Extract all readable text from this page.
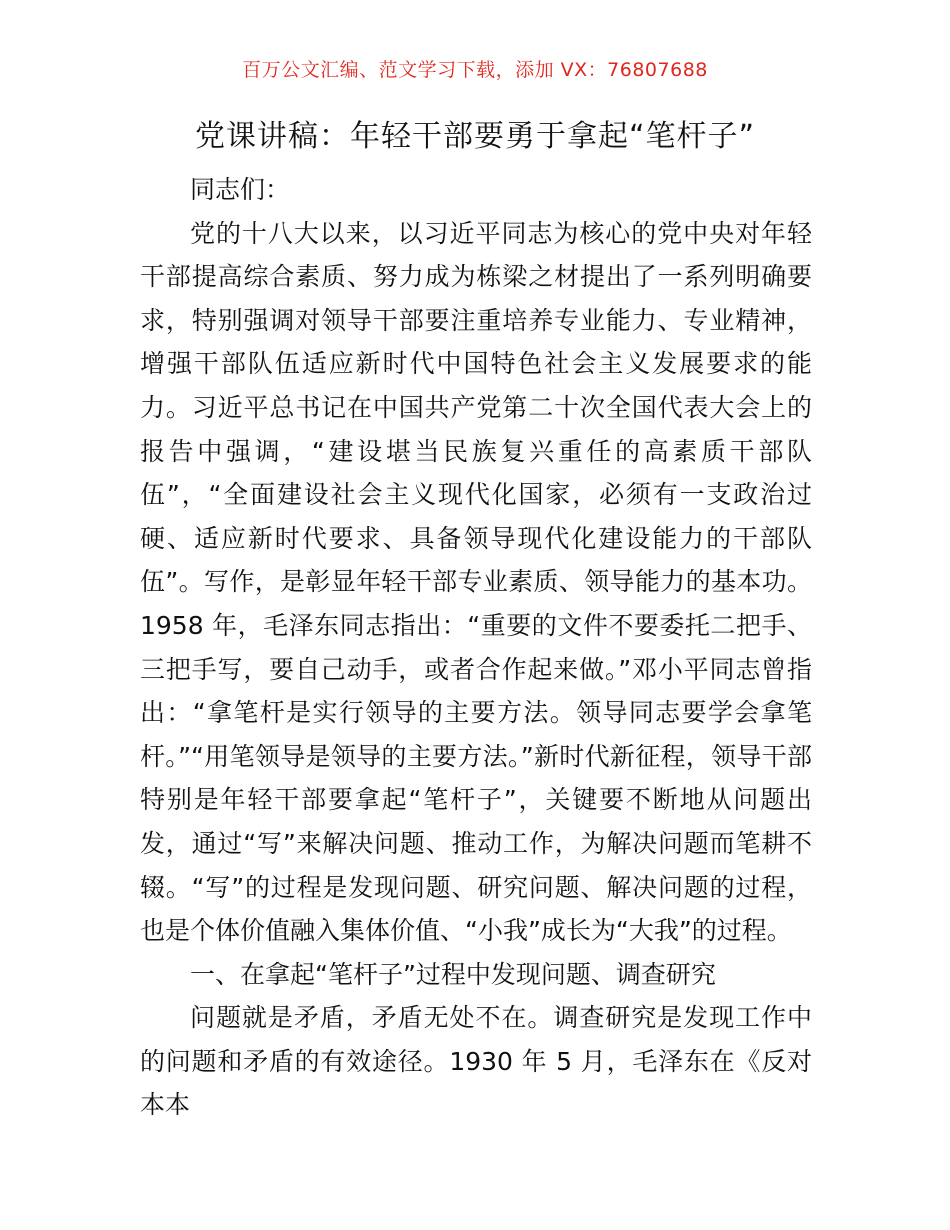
百万公文汇编、范文学习下载，添加 VX：76807688
党课讲稿：年轻干部要勇于拿起“笔杆子”

同志们：

党的十八大以来，以习近平同志为核心的党中央对年轻干部提高综合素质、努力成为栋梁之材提出了一系列明确要求，特别强调对领导干部要注重培养专业能力、专业精神，增强干部队伍适应新时代中国特色社会主义发展要求的能力。习近平总书记在中国共产党第二十次全国代表大会上的报告中强调，“建设堪当民族复兴重任的高素质干部队伍”，“全面建设社会主义现代化国家，必须有一支政治过硬、适应新时代要求、具备领导现代化建设能力的干部队伍”。写作，是彰显年轻干部专业素质、领导能力的基本功。1958 年，毛泽东同志指出：“重要的文件不要委托二把手、三把手写，要自己动手，或者合作起来做。”邓小平同志曾指出：“拿笔杆是实行领导的主要方法。领导同志要学会拿笔杆。”“用笔领导是领导的主要方法。”新时代新征程，领导干部特别是年轻干部要拿起“笔杆子”，关键要不断地从问题出发，通过“写”来解决问题、推动工作，为解决问题而笔耕不辍。“写”的过程是发现问题、研究问题、解决问题的过程，也是个体价值融入集体价值、“小我”成长为“大我”的过程。

一、在拿起“笔杆子”过程中发现问题、调查研究

问题就是矛盾，矛盾无处不在。调查研究是发现工作中的问题和矛盾的有效途径。1930 年 5 月，毛泽东在《反对本本
